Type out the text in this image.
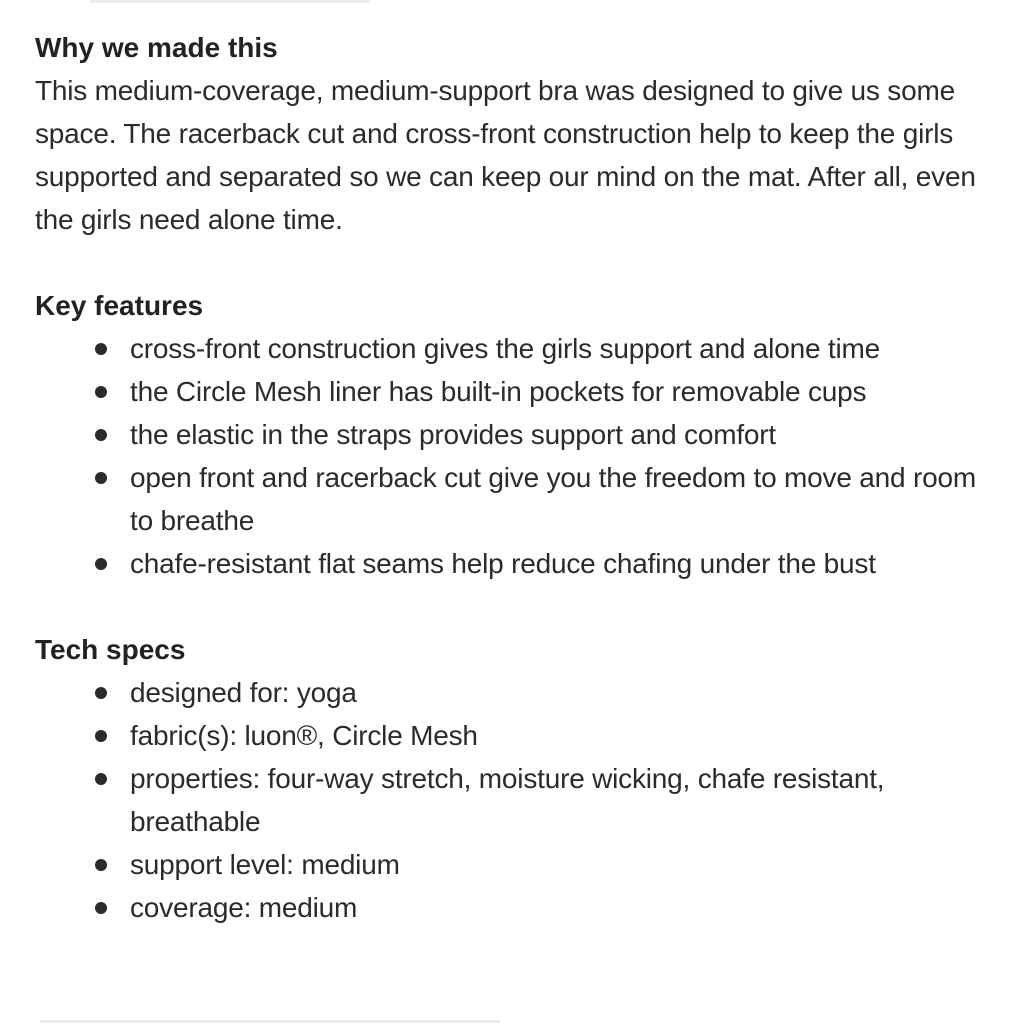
Why we made this

This medium-coverage, medium-support bra was designed to give us some space. The racerback cut and cross-front construction help to keep the girls supported and separated so we can keep our mind on the mat. After all, even the girls need alone time.

Key features
cross-front construction gives the girls support and alone time
the Circle Mesh liner has built-in pockets for removable cups
the elastic in the straps provides support and comfort
open front and racerback cut give you the freedom to move and room to breathe
chafe-resistant flat seams help reduce chafing under the bust
Tech specs
designed for: yoga
fabric(s): luon®, Circle Mesh
properties: four-way stretch, moisture wicking, chafe resistant, breathable
support level: medium
coverage: medium
